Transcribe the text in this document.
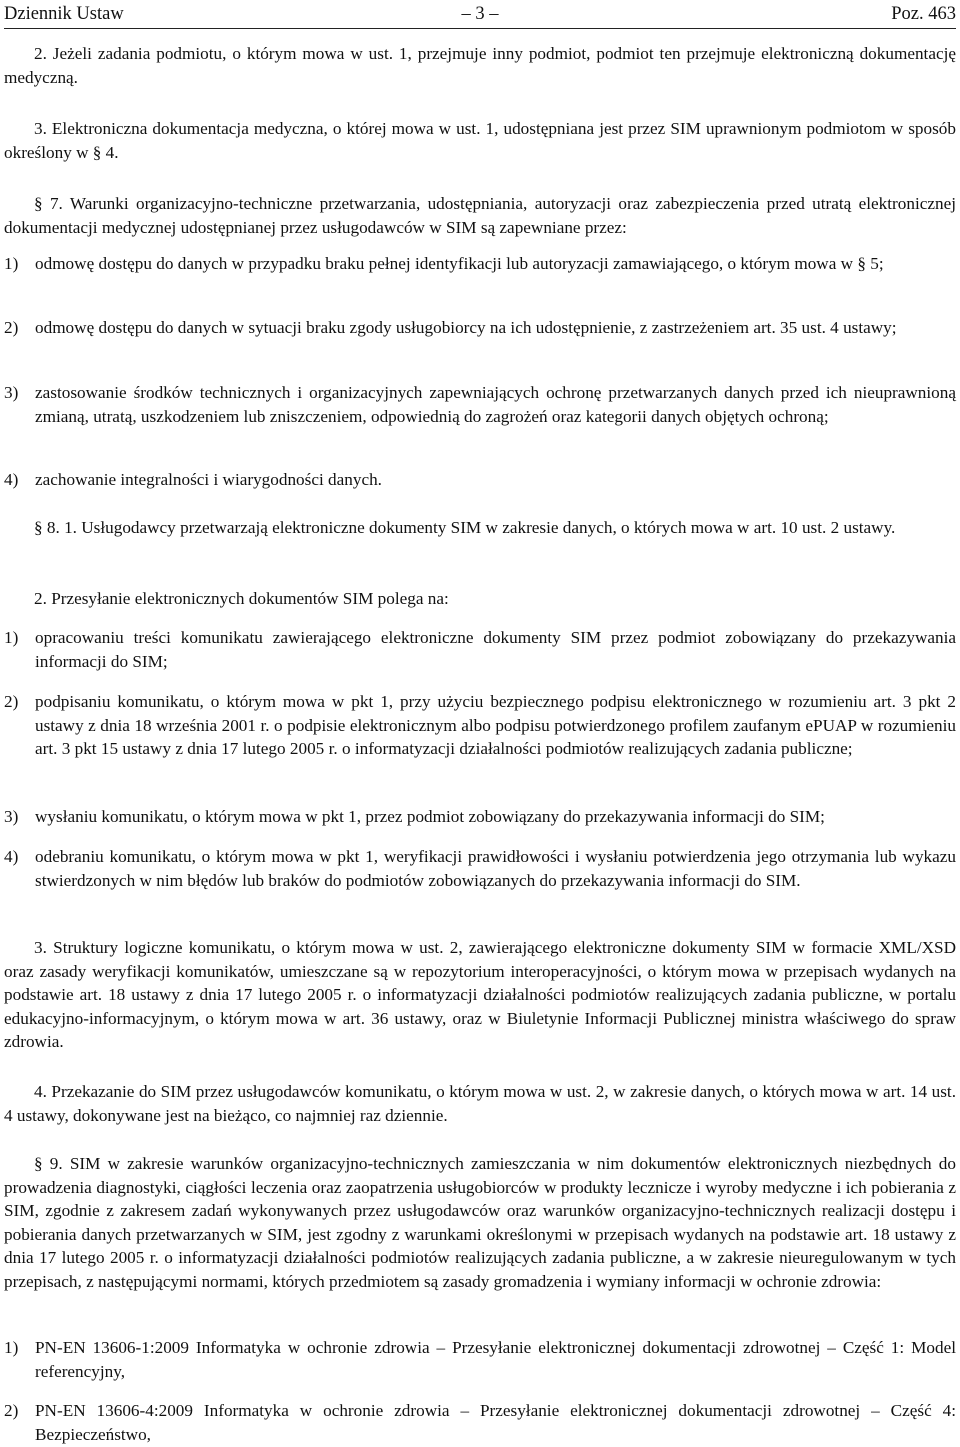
Dziennik Ustaw	– 3 –	Poz. 463

2. Jeżeli zadania podmiotu, o którym mowa w ust. 1, przejmuje inny podmiot, podmiot ten przejmuje elektroniczną dokumentację medyczną.

3. Elektroniczna dokumentacja medyczna, o której mowa w ust. 1, udostępniana jest przez SIM uprawnionym podmiotom w sposób określony w § 4.

§ 7. Warunki organizacyjno-techniczne przetwarzania, udostępniania, autoryzacji oraz zabezpieczenia przed utratą elektronicznej dokumentacji medycznej udostępnianej przez usługodawców w SIM są zapewniane przez:

1) odmowę dostępu do danych w przypadku braku pełnej identyfikacji lub autoryzacji zamawiającego, o którym mowa w § 5;
2) odmowę dostępu do danych w sytuacji braku zgody usługobiorcy na ich udostępnienie, z zastrzeżeniem art. 35 ust. 4 ustawy;
3) zastosowanie środków technicznych i organizacyjnych zapewniających ochronę przetwarzanych danych przed ich nieuprawnioną zmianą, utratą, uszkodzeniem lub zniszczeniem, odpowiednią do zagrożeń oraz kategorii danych objętych ochroną;
4) zachowanie integralności i wiarygodności danych.

§ 8. 1. Usługodawcy przetwarzają elektroniczne dokumenty SIM w zakresie danych, o których mowa w art. 10 ust. 2 ustawy.

2. Przesyłanie elektronicznych dokumentów SIM polega na:

1) opracowaniu treści komunikatu zawierającego elektroniczne dokumenty SIM przez podmiot zobowiązany do przekazywania informacji do SIM;
2) podpisaniu komunikatu, o którym mowa w pkt 1, przy użyciu bezpiecznego podpisu elektronicznego w rozumieniu art. 3 pkt 2 ustawy z dnia 18 września 2001 r. o podpisie elektronicznym albo podpisu potwierdzonego profilem zaufanym ePUAP w rozumieniu art. 3 pkt 15 ustawy z dnia 17 lutego 2005 r. o informatyzacji działalności podmiotów realizujących zadania publiczne;
3) wysłaniu komunikatu, o którym mowa w pkt 1, przez podmiot zobowiązany do przekazywania informacji do SIM;
4) odebraniu komunikatu, o którym mowa w pkt 1, weryfikacji prawidłowości i wysłaniu potwierdzenia jego otrzymania lub wykazu stwierdzonych w nim błędów lub braków do podmiotów zobowiązanych do przekazywania informacji do SIM.

3. Struktury logiczne komunikatu, o którym mowa w ust. 2, zawierającego elektroniczne dokumenty SIM w formacie XML/XSD oraz zasady weryfikacji komunikatów, umieszczane są w repozytorium interoperacyjności, o którym mowa w przepisach wydanych na podstawie art. 18 ustawy z dnia 17 lutego 2005 r. o informatyzacji działalności podmiotów realizujących zadania publiczne, w portalu edukacyjno-informacyjnym, o którym mowa w art. 36 ustawy, oraz w Biuletynie Informacji Publicznej ministra właściwego do spraw zdrowia.

4. Przekazanie do SIM przez usługodawców komunikatu, o którym mowa w ust. 2, w zakresie danych, o których mowa w art. 14 ust. 4 ustawy, dokonywane jest na bieżąco, co najmniej raz dziennie.

§ 9. SIM w zakresie warunków organizacyjno-technicznych zamieszczania w nim dokumentów elektronicznych niezbędnych do prowadzenia diagnostyki, ciągłości leczenia oraz zaopatrzenia usługobiorców w produkty lecznicze i wyroby medyczne i ich pobierania z SIM, zgodnie z zakresem zadań wykonywanych przez usługodawców oraz warunków organizacyjno-technicznych realizacji dostępu i pobierania danych przetwarzanych w SIM, jest zgodny z warunkami określonymi w przepisach wydanych na podstawie art. 18 ustawy z dnia 17 lutego 2005 r. o informatyzacji działalności podmiotów realizujących zadania publiczne, a w zakresie nieuregulowanym w tych przepisach, z następującymi normami, których przedmiotem są zasady gromadzenia i wymiany informacji w ochronie zdrowia:

1) PN-EN 13606-1:2009 Informatyka w ochronie zdrowia – Przesyłanie elektronicznej dokumentacji zdrowotnej – Część 1: Model referencyjny,
2) PN-EN 13606-4:2009 Informatyka w ochronie zdrowia – Przesyłanie elektronicznej dokumentacji zdrowotnej – Część 4: Bezpieczeństwo,
